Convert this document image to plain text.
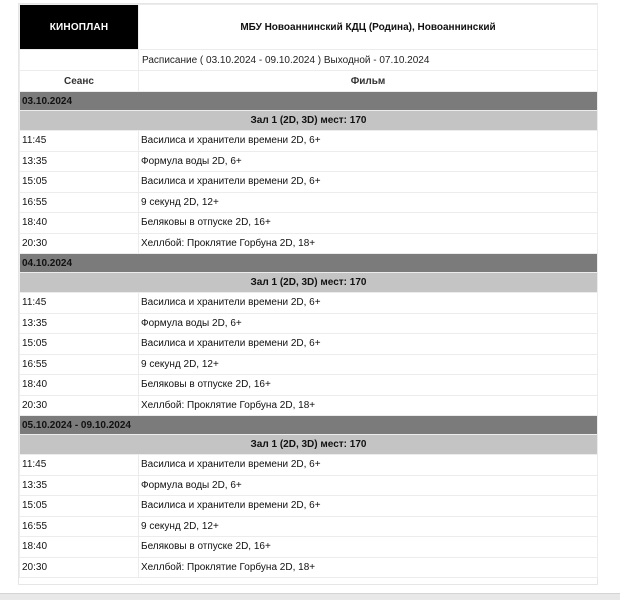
КИНОПЛАН	МБУ Новоаннинский КДЦ (Родина), Новоаннинский
	Расписание ( 03.10.2024 - 09.10.2024 ) Выходной - 07.10.2024
Сеанс	Фильм
03.10.2024	
Зал 1 (2D, 3D) мест: 170	
11:45	Василиса и хранители времени 2D, 6+
13:35	Формула воды 2D, 6+
15:05	Василиса и хранители времени 2D, 6+
16:55	9 секунд 2D, 12+
18:40	Беляковы в отпуске 2D, 16+
20:30	Хеллбой: Проклятие Горбуна 2D, 18+
04.10.2024	
Зал 1 (2D, 3D) мест: 170	
11:45	Василиса и хранители времени 2D, 6+
13:35	Формула воды 2D, 6+
15:05	Василиса и хранители времени 2D, 6+
16:55	9 секунд 2D, 12+
18:40	Беляковы в отпуске 2D, 16+
20:30	Хеллбой: Проклятие Горбуна 2D, 18+
05.10.2024 - 09.10.2024	
Зал 1 (2D, 3D) мест: 170	
11:45	Василиса и хранители времени 2D, 6+
13:35	Формула воды 2D, 6+
15:05	Василиса и хранители времени 2D, 6+
16:55	9 секунд 2D, 12+
18:40	Беляковы в отпуске 2D, 16+
20:30	Хеллбой: Проклятие Горбуна 2D, 18+
